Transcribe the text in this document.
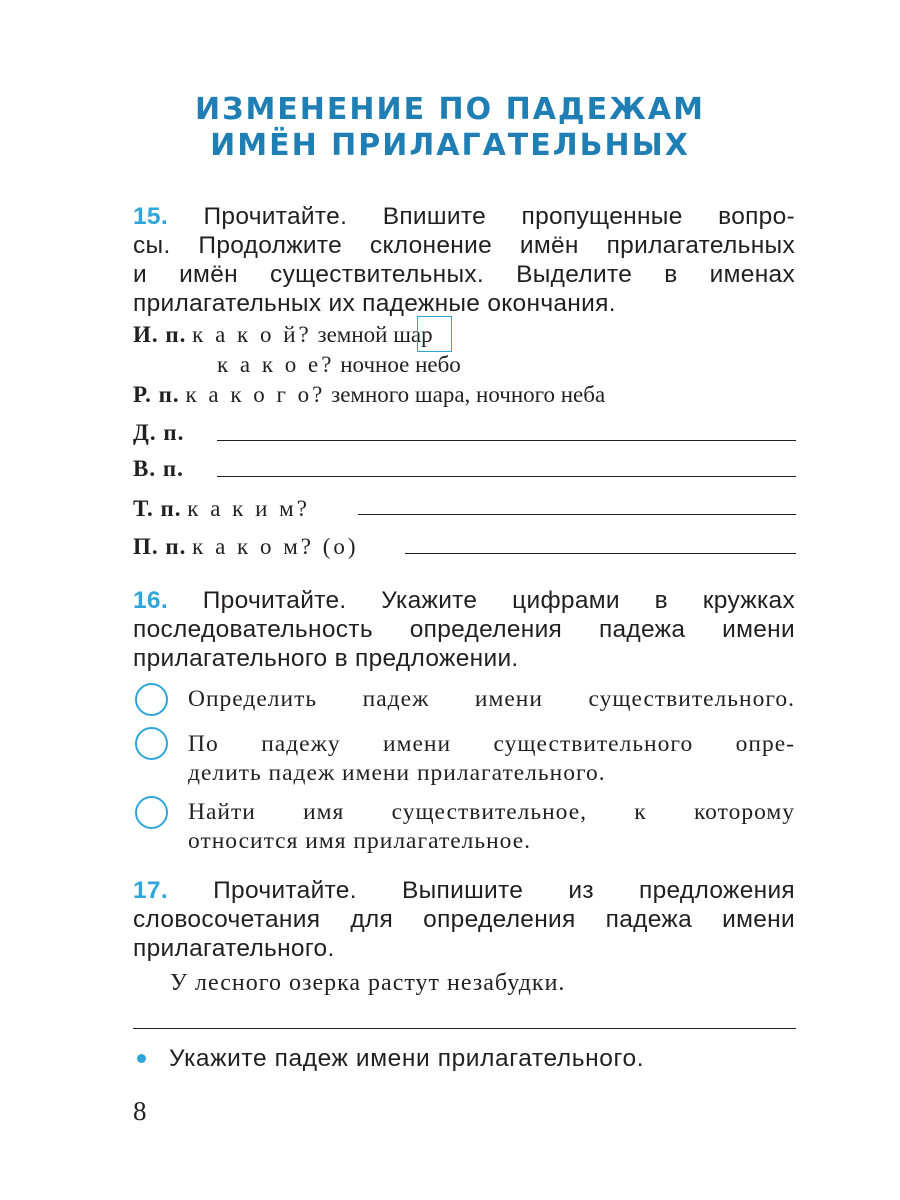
ИЗМЕНЕНИЕ ПО ПАДЕЖАМ
ИМЁН ПРИЛАГАТЕЛЬНЫХ
15. Прочитайте. Впишите пропущенные вопро-
сы. Продолжите склонение имён прилагательных
и имён существительных. Выделите в именах
прилагательных их падежные окончания.
И. п. к а к о й? земной шар
к а к о е? ночное небо
Р. п. к а к о г о? земного шара, ночного неба
Д. п.
В. п.
Т. п. к а к и м?
П. п. к а к о м? (о)
16. Прочитайте. Укажите цифрами в кружках
последовательность определения падежа имени
прилагательного в предложении.
Определить падеж имени существительного.
По падежу имени существительного опре-
делить падеж имени прилагательного.
Найти имя существительное, к которому
относится имя прилагательное.
17. Прочитайте. Выпишите из предложения
словосочетания для определения падежа имени
прилагательного.
У лесного озерка растут незабудки.
Укажите падеж имени прилагательного.
8
